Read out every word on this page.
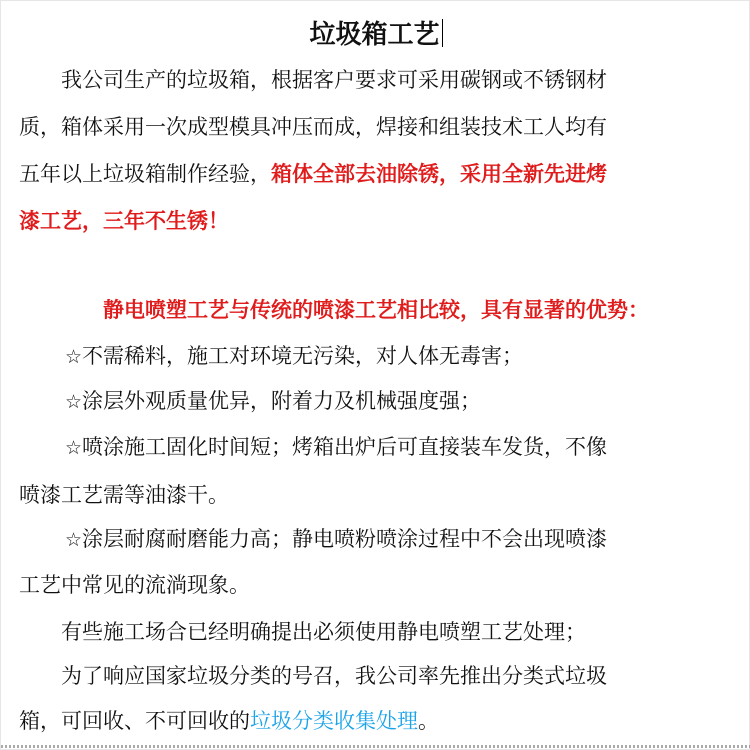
垃圾箱工艺
　　我公司生产的垃圾箱，根据客户要求可采用碳钢或不锈钢材
质，箱体采用一次成型模具冲压而成，焊接和组装技术工人均有
五年以上垃圾箱制作经验，箱体全部去油除锈，采用全新先进烤
漆工艺，三年不生锈！
静电喷塑工艺与传统的喷漆工艺相比较，具有显著的优势：
☆不需稀料，施工对环境无污染，对人体无毒害；
☆涂层外观质量优异，附着力及机械强度强；
☆喷涂施工固化时间短；烤箱出炉后可直接装车发货，不像
喷漆工艺需等油漆干。
☆涂层耐腐耐磨能力高；静电喷粉喷涂过程中不会出现喷漆
工艺中常见的流淌现象。
　　有些施工场合已经明确提出必须使用静电喷塑工艺处理；
　　为了响应国家垃圾分类的号召，我公司率先推出分类式垃圾
箱，可回收、不可回收的垃圾分类收集处理。
